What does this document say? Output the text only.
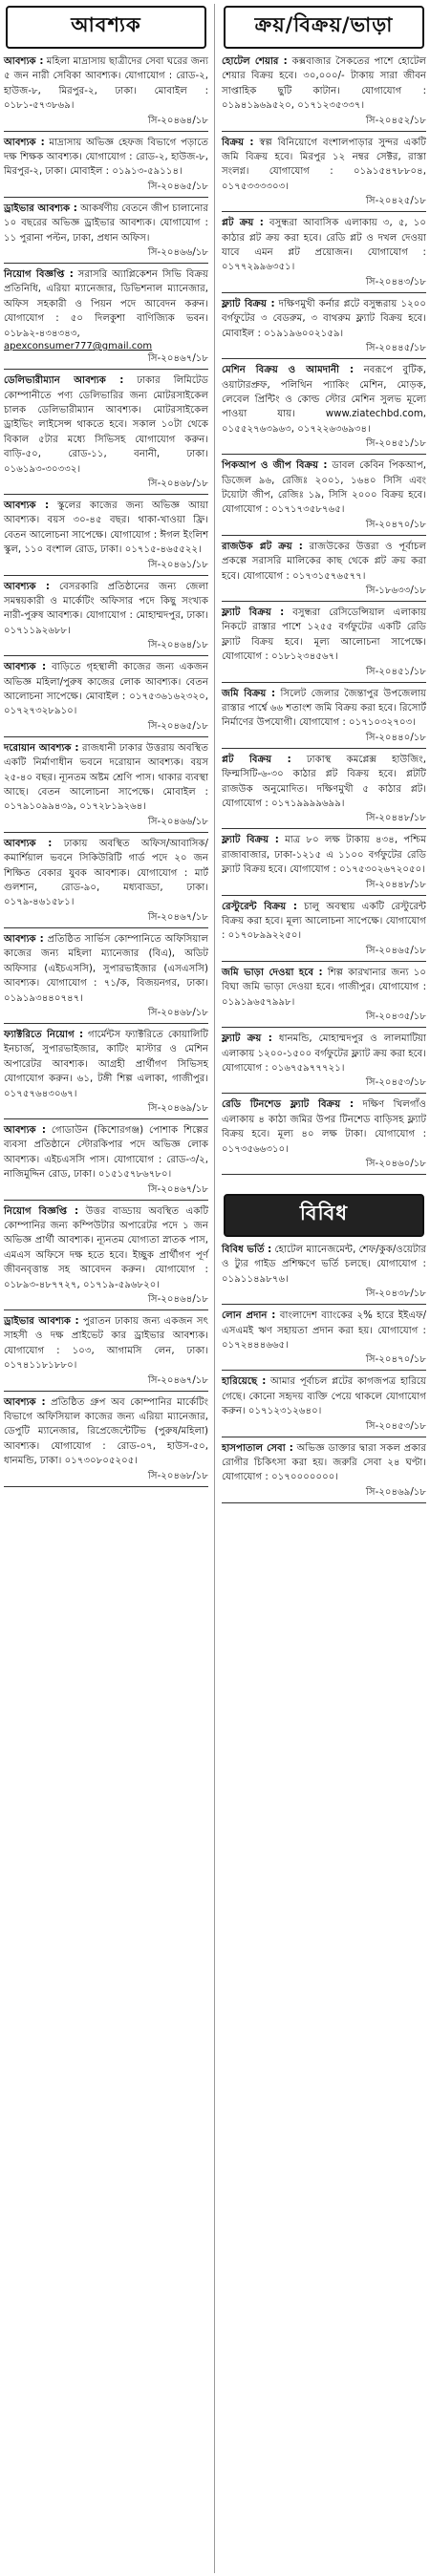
আবশ্যক
আবশ্যক : মহিলা মাদ্রাসায় ছাত্রীদের সেবা ঘরের জন্য ৫ জন নারী সেবিকা আবশ্যক। যোগাযোগ : রোড-২, হাউজ-৮, মিরপুর-২, ঢাকা। মোবাইল : ০১৮১-৫৭৩৮৬৯।
সি-২০৪৬৪/১৮
আবশ্যক : মাদ্রাসায় অভিজ্ঞ হেফজ বিভাগে পড়াতে দক্ষ শিক্ষক আবশ্যক। যোগাযোগ : রোড-২, হাউজ-৮, মিরপুর-২, ঢাকা। মোবাইল : ০১৯১৩-৫৯১১৪।
সি-২০৪৬৫/১৮
ড্রাইভার আবশ্যক : আকর্ষণীয় বেতনে জীপ চালানোর ১০ বছরের অভিজ্ঞ ড্রাইভার আবশ্যক। যোগাযোগ : ১১ পুরানা পল্টন, ঢাকা, প্রধান অফিস।
সি-২০৪৬৬/১৮
নিয়োগ বিজ্ঞপ্তি : সরাসরি অ্যাপ্লিকেশন সিভি বিক্রয় প্রতিনিধি, এরিয়া ম্যানেজার, ডিভিশনাল ম্যানেজার, অফিস সহকারী ও পিয়ন পদে আবেদন করুন। যোগাযোগ : ৫০ দিলকুশা বাণিজ্যিক ভবন। ০১৮৯২-৪৩৪৩৪৩,
apexconsumer777@gmail.com
সি-২০৪৬৭/১৮
ডেলিভারীম্যান আবশ্যক : ঢাকার লিমিটেড কোম্পানীতে পণ্য ডেলিভারির জন্য মোটরসাইকেল চালক ডেলিভারীম্যান আবশ্যক। মোটরসাইকেল ড্রাইভিং লাইসেন্স থাকতে হবে। সকাল ১০টা থেকে বিকাল ৫টার মধ্যে সিভিসহ যোগাযোগ করুন। বাড়ি-৫০, রোড-১১, বনানী, ঢাকা। ০১৬১৯৩-৩০৩৩২।
সি-২০৪৬৮/১৮
আবশ্যক : স্কুলের কাজের জন্য অভিজ্ঞ আয়া আবশ্যক। বয়স ৩০-৪৫ বছর। থাকা-খাওয়া ফ্রি। বেতন আলোচনা সাপেক্ষে। যোগাযোগ : ঈগল ইংলিশ স্কুল, ১১০ বংশাল রোড, ঢাকা। ০১৭১৫-৪৬৫৫২২।
সি-২০৪৬১/১৮
আবশ্যক : বেসরকারি প্রতিষ্ঠানের জন্য জেলা সমন্বয়কারী ও মার্কেটিং অফিসার পদে কিছু সংখ্যক নারী-পুরুষ আবশ্যক। যোগাযোগ : মোহাম্মদপুর, ঢাকা। ০১৭১১৯২৬৮৮।
সি-২০৪৬৪/১৮
আবশ্যক : বাড়িতে গৃহস্থালী কাজের জন্য একজন অভিজ্ঞ মহিলা/পুরুষ কাজের লোক আবশ্যক। বেতন আলোচনা সাপেক্ষে। মোবাইল : ০১৭৫৩৬১৬২৩২০, ০১৭২৭৩২৮৯১০।
সি-২০৪৬৫/১৮
দরোয়ান আবশ্যক : রাজধানী ঢাকার উত্তরায় অবস্থিত একটি নির্মাণাধীন ভবনে দরোয়ান আবশ্যক। বয়স ২৫-৪০ বছর। ন্যূনতম অষ্টম শ্রেণি পাস। থাকার ব্যবস্থা আছে। বেতন আলোচনা সাপেক্ষে। মোবাইল : ০১৭৯১০৯৯৪৩৯, ০১৭২৮১৯২৬৪।
সি-২০৪৬৬/১৮
আবশ্যক : ঢাকায় অবস্থিত অফিস/আবাসিক/কমার্শিয়াল ভবনে সিকিউরিটি গার্ড পদে ২০ জন শিক্ষিত বেকার যুবক আবশ্যক। যোগাযোগ : মার্ট গুলশান, রোড-৯০, মধ্যবাড্ডা, ঢাকা। ০১৭৯-৪৬১৫৮১।
সি-২০৪৬৭/১৮
আবশ্যক : প্রতিষ্ঠিত সার্ভিস কোম্পানিতে অফিসিয়াল কাজের জন্য মহিলা ম্যানেজার (বিএ), অডিট অফিসার (এইচএসসি), সুপারভাইজার (এসএসসি) আবশ্যক। যোগাযোগ : ৭১/ক, বিজয়নগর, ঢাকা। ০১৯১৯৩৪৪০৭৪৭।
সি-২০৪৬৮/১৮
ফ্যাক্টরিতে নিয়োগ : গার্মেন্টস ফ্যাক্টরিতে কোয়ালিটি ইনচার্জ, সুপারভাইজার, কাটিং মাস্টার ও মেশিন অপারেটর আবশ্যক। আগ্রহী প্রার্থীগণ সিভিসহ যোগাযোগ করুন। ৬১, টঙ্গী শিল্প এলাকা, গাজীপুর। ০১৭৫৭৬৪৩০৬৭।
সি-২০৪৬৯/১৮
আবশ্যক : গোডাউন (কিশোরগঞ্জ) পোশাক শিল্পের ব্যবসা প্রতিষ্ঠানে স্টোরকিপার পদে অভিজ্ঞ লোক আবশ্যক। এইচএসসি পাস। যোগাযোগ : রোড-৩/২, নাজিমুদ্দিন রোড, ঢাকা। ০১৫১৫৭৮৬৭৮০।
সি-২০৪৬৭/১৮
নিয়োগ বিজ্ঞপ্তি : উত্তর বাড্ডায় অবস্থিত একটি কোম্পানির জন্য কম্পিউটার অপারেটর পদে ১ জন অভিজ্ঞ প্রার্থী আবশ্যক। ন্যূনতম যোগ্যতা স্নাতক পাস, এমএস অফিসে দক্ষ হতে হবে। ইচ্ছুক প্রার্থীগণ পূর্ণ জীবনবৃত্তান্ত সহ আবেদন করুন। যোগাযোগ : ০১৮৯৩-৪৮৭৭২৭, ০১৭১৯-৫৯৬৮২০।
সি-২০৪৬৪/১৮
ড্রাইভার আবশ্যক : পুরাতন ঢাকায় জন্য একজন সৎ সাহসী ও দক্ষ প্রাইভেট কার ড্রাইভার আবশ্যক। যোগাযোগ : ১০৩, আগামসি লেন, ঢাকা। ০১৭৪১১৮১৮৮০।
সি-২০৪৬৭/১৮
আবশ্যক : প্রতিষ্ঠিত গ্রুপ অব কোম্পানির মার্কেটিং বিভাগে অফিসিয়াল কাজের জন্য এরিয়া ম্যানেজার, ডেপুটি ম্যানেজার, রিপ্রেজেন্টেটিভ (পুরুষ/মহিলা) আবশ্যক। যোগাযোগ : রোড-০৭, হাউস-৫০, ধানমন্ডি, ঢাকা। ০১৭৩০৮০৫২০৫।
সি-২০৪৬৮/১৮
ক্রয়/বিক্রয়/ভাড়া
হোটেল শেয়ার : কক্সবাজার সৈকতের পাশে হোটেল শেয়ার বিক্রয় হবে। ৩০,০০০/- টাকায় সারা জীবন সাপ্তাহিক ছুটি কাটান। যোগাযোগ : ০১৯৪১৯৬৯৫২০, ০১৭১২৩৫৩৩৭।
সি-২০৪৫২/১৮
বিক্রয় : স্বল্প বিনিয়োগে বংশালপাড়ার সুন্দর একটি জমি বিক্রয় হবে। মিরপুর ১২ নম্বর সেক্টর, রাস্তা সংলগ্ন। যোগাযোগ : ০১৯১৫৪৭৮৮০৪, ০১৭৫৩৩৩৩০৩।
সি-২০৪২৫/১৮
প্লট ক্রয় : বসুন্ধরা আবাসিক এলাকায় ৩, ৫, ১০ কাঠার প্লট ক্রয় করা হবে। রেডি প্লট ও দখল দেওয়া যাবে এমন প্লট প্রয়োজন। যোগাযোগ : ০১৭৭২৯৯৬৩৫১।
সি-২০৪৪৩/১৮
ফ্ল্যাট বিক্রয় : দক্ষিণমুখী কর্নার প্লটে বসুন্ধরায় ১২০০ বর্গফুটের ৩ বেডরুম, ৩ বাথরুম ফ্ল্যাট বিক্রয় হবে। মোবাইল : ০১৯১৯৬০০২১৫৯।
সি-২০৪৪৫/১৮
মেশিন বিক্রয় ও আমদানী : নবরূপে বুটিক, ওয়াটারপ্রুফ, পলিথিন প্যাকিং মেশিন, মোড়ক, লেবেল প্রিন্টিং ও কোল্ড স্টোর মেশিন সুলভ মূল্যে পাওয়া যায়।	www.ziatechbd.com, ০১৫৫২৭৬৩৯৬৩, ০১৭২২৬৩৬৯৩৪।
সি-২০৪৫১/১৮
পিকআপ ও জীপ বিক্রয় : ডাবল কেবিন পিকআপ, ডিজেল ৯৬, রেজিঃ ২০০১, ১৬৪০ সিসি এবং টয়োটা জীপ, রেজিঃ ১৯, সিসি ২০০০ বিক্রয় হবে। যোগাযোগ : ০১৭১৭৩৫৮৭৬৫।
সি-২০৪৭০/১৮
রাজউক প্লট ক্রয় : রাজউকের উত্তরা ও পূর্বাচল প্রকল্পে সরাসরি মালিকের কাছ থেকে প্লট ক্রয় করা হবে। যোগাযোগ : ০১৭৩১৫৭৬৫৭৭।
সি-১৮৬৩৩/১৮
ফ্ল্যাট বিক্রয় : বসুন্ধরা রেসিডেন্সিয়াল এলাকায় নিকটে রাস্তার পাশে ১২৫৫ বর্গফুটের একটি রেডি ফ্ল্যাট বিক্রয় হবে। মূল্য আলোচনা সাপেক্ষে। যোগাযোগ : ০১৮১২৩৪৫৬৭।
সি-২০৪৫১/১৮
জমি বিক্রয় : সিলেট জেলার জৈন্তাপুর উপজেলায় রাস্তার পার্শ্বে ৬৬ শতাংশ জমি বিক্রয় করা হবে। রিসোর্ট নির্মাণের উপযোগী। যোগাযোগ : ০১৭১০৩২৭০৩।
সি-২০৪৪০/১৮
প্লট বিক্রয় : ঢাকাস্থ কমপ্লেক্স হাউজিং, ফিল্মসিটি-৬-৩০ কাঠার প্লট বিক্রয় হবে। প্লটটি রাজউক অনুমোদিত। দক্ষিণমুখী ৫ কাঠার প্লট। যোগাযোগ : ০১৭১৯৯৯৯৬৯৯।
সি-২০৪৪৮/১৮
ফ্ল্যাট বিক্রয় : মাত্র ৮০ লক্ষ টাকায় ৪৩৪, পশ্চিম রাজাবাজার, ঢাকা-১২১৫ এ ১১০০ বর্গফুটের রেডি ফ্ল্যাট বিক্রয় হবে। যোগাযোগ : ০১৭৫৩০২৬৭২০৫০।
সি-২০৪৪৮/১৮
রেস্টুরেন্ট বিক্রয় : চালু অবস্থায় একটি রেস্টুরেন্ট বিক্রয় করা হবে। মূল্য আলোচনা সাপেক্ষে। যোগাযোগ : ০১৭০৮৯৯২২৫০।
সি-২০৪৬৫/১৮
জমি ভাড়া দেওয়া হবে : শিল্প কারখানার জন্য ১০ বিঘা জমি ভাড়া দেওয়া হবে। গাজীপুর। যোগাযোগ : ০১৯১৯৬৫৭৯৯৮।
সি-২০৪৩৫/১৮
ফ্ল্যাট ক্রয় : ধানমন্ডি, মোহাম্মদপুর ও লালমাটিয়া এলাকায় ১২০০-১৫০০ বর্গফুটের ফ্ল্যাট ক্রয় করা হবে। যোগাযোগ : ০১৬৭৫৯৭৭৭২১।
সি-২০৪৫৩/১৮
রেডি টিনশেড ফ্ল্যাট বিক্রয় : দক্ষিণ খিলগাঁও এলাকায় ৪ কাঠা জমির উপর টিনশেড বাড়িসহ ফ্ল্যাট বিক্রয় হবে। মূল্য ৪০ লক্ষ টাকা। যোগাযোগ : ০১৭৩৫৬৬৩১০।
সি-২০৪৬০/১৮
বিবিধ
বিবিধ ভর্তি : হোটেল ম্যানেজমেন্ট, শেফ/কুক/ওয়েটার ও ট্যুর গাইড প্রশিক্ষণে ভর্তি চলছে। যোগাযোগ : ০১৯১১৪৯৮৭৬।
সি-২০৪৩৮/১৮
লোন প্রদান : বাংলাদেশ ব্যাংকের ২% হারে ইইএফ/এসএমই ঋণ সহায়তা প্রদান করা হয়। যোগাযোগ : ০১৭২৪৪৪৬৬৫।
সি-২০৪৭০/১৮
হারিয়েছে : আমার পূর্বাচল প্লটের কাগজপত্র হারিয়ে গেছে। কোনো সহৃদয় ব্যক্তি পেয়ে থাকলে যোগাযোগ করুন। ০১৭১২৩১২৬৪০।
সি-২০৪৫৩/১৮
হাসপাতাল সেবা : অভিজ্ঞ ডাক্তার দ্বারা সকল প্রকার রোগীর চিকিৎসা করা হয়। জরুরি সেবা ২৪ ঘণ্টা। যোগাযোগ : ০১৭০০০০০০০।
সি-২০৪৬৯/১৮
